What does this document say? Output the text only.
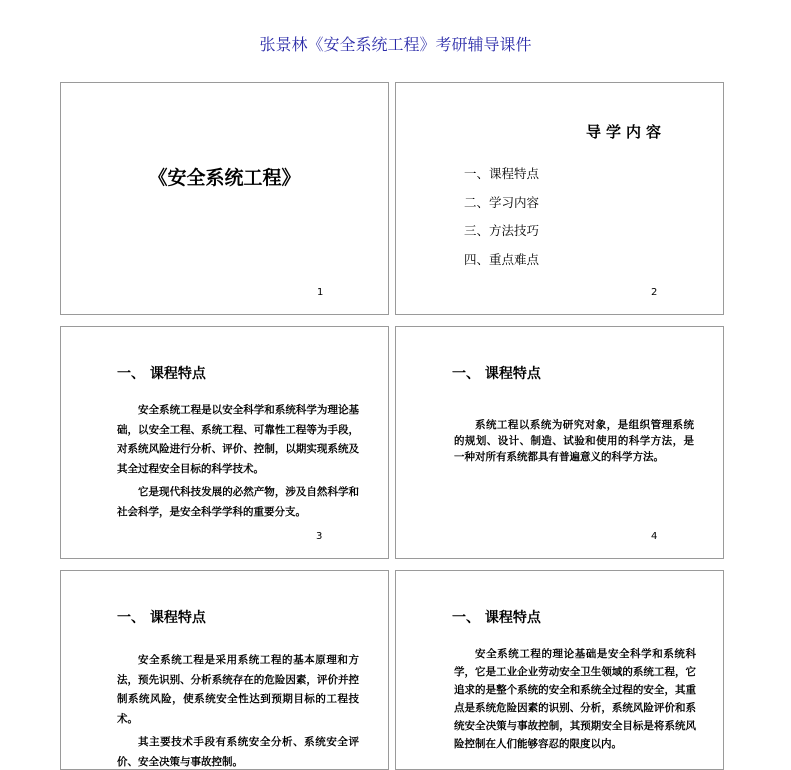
张景林《安全系统工程》考研辅导课件
《安全系统工程》
1
导学内容
一、课程特点
二、学习内容
三、方法技巧
四、重点难点
2
一、 课程特点

安全系统工程是以安全科学和系统科学为理论基础，以安全工程、系统工程、可靠性工程等为手段，对系统风险进行分析、评价、控制，以期实现系统及其全过程安全目标的科学技术。

它是现代科技发展的必然产物，涉及自然科学和社会科学，是安全科学学科的重要分支。

3
一、 课程特点

系统工程以系统为研究对象，是组织管理系统的规划、设计、制造、试验和使用的科学方法，是一种对所有系统都具有普遍意义的科学方法。

4
一、 课程特点

安全系统工程是采用系统工程的基本原理和方法，预先识别、分析系统存在的危险因素，评价并控制系统风险，使系统安全性达到预期目标的工程技术。

其主要技术手段有系统安全分析、系统安全评价、安全决策与事故控制。

一、 课程特点

安全系统工程的理论基础是安全科学和系统科学，它是工业企业劳动安全卫生领域的系统工程，它追求的是整个系统的安全和系统全过程的安全，其重点是系统危险因素的识别、分析，系统风险评价和系统安全决策与事故控制，其预期安全目标是将系统风险控制在人们能够容忍的限度以内。
